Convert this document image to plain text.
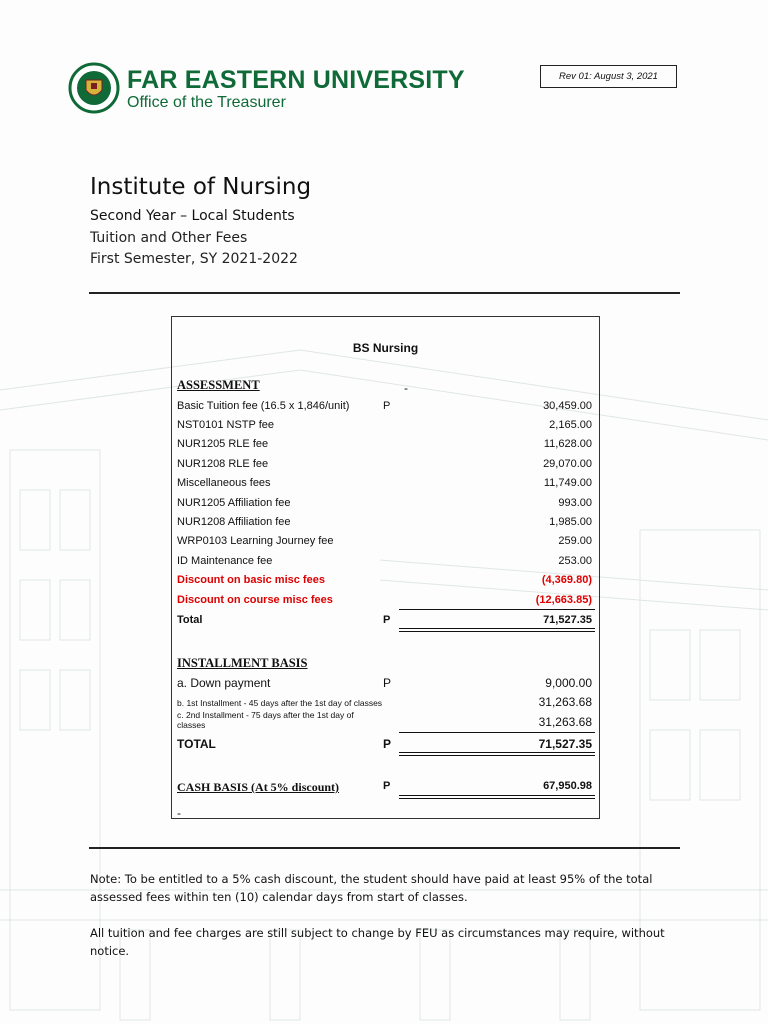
FAR EASTERN UNIVERSITY
Office of the Treasurer
Rev 01: August 3, 2021
Institute of Nursing
Second Year – Local Students
Tuition and Other Fees
First Semester, SY 2021-2022
BS Nursing
ASSESSMENT	-
Basic Tuition fee (16.5 x 1,846/unit)	P	30,459.00
NST0101 NSTP fee	2,165.00
NUR1205 RLE fee	11,628.00
NUR1208 RLE fee	29,070.00
Miscellaneous fees	11,749.00
NUR1205 Affiliation fee	993.00
NUR1208 Affiliation fee	1,985.00
WRP0103 Learning Journey fee	259.00
ID Maintenance fee	253.00
Discount on basic misc fees	(4,369.80)
Discount on course misc fees	(12,663.85)
Total	P	71,527.35
INSTALLMENT BASIS
a. Down payment	P	9,000.00
b. 1st Installment - 45 days after the 1st day of classes	31,263.68
c. 2nd Installment - 75 days after the 1st day of classes	31,263.68
TOTAL	P	71,527.35
CASH BASIS (At 5% discount)	P	67,950.98
-
Note: To be entitled to a 5% cash discount, the student should have paid at least 95% of the total assessed fees within ten (10) calendar days from start of classes.
All tuition and fee charges are still subject to change by FEU as circumstances may require, without notice.
